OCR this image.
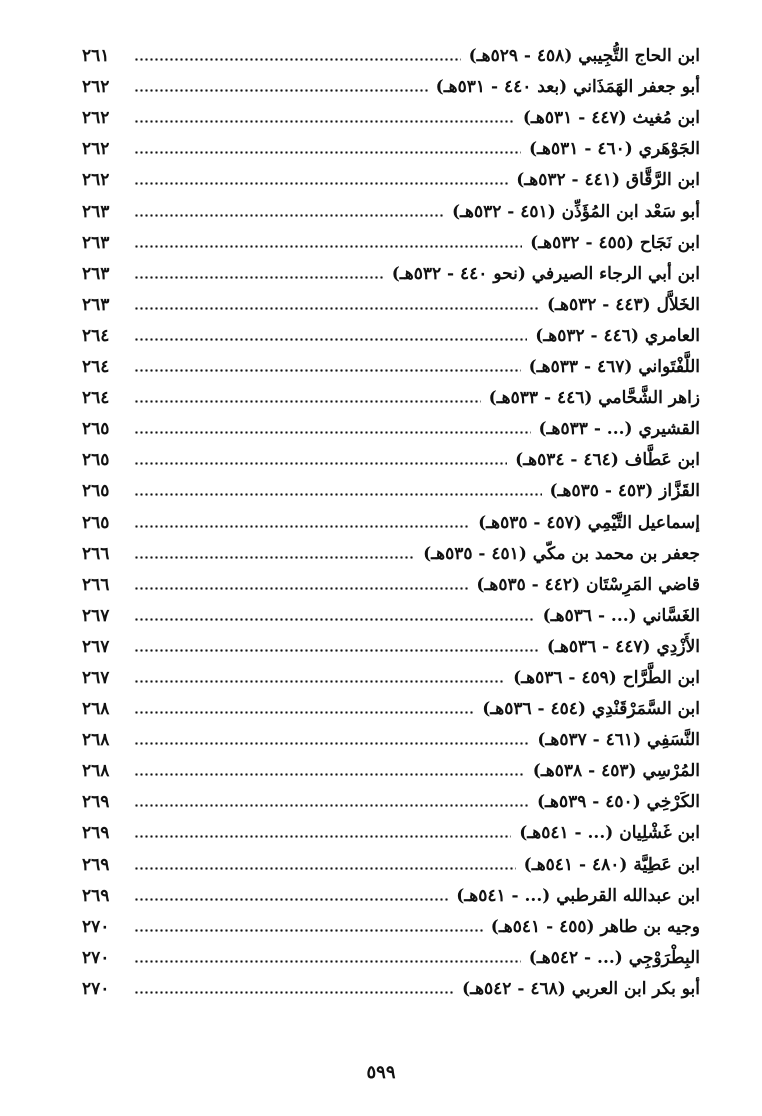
ابن الحاج التُّجِيبي (٤٥٨ - ٥٢٩هـ)
٢٦١
أبو جعفر الهَمَذَاني (بعد ٤٤٠ - ٥٣١هـ)
٢٦٢
ابن مُغيث (٤٤٧ - ٥٣١هـ)
٢٦٢
الجَوْهَري (٤٦٠ - ٥٣١هـ)
٢٦٢
ابن الرَّقَّاق (٤٤١ - ٥٣٢هـ)
٢٦٢
أبو سَعْد ابن المُؤَذِّن (٤٥١ - ٥٣٢هـ)
٢٦٣
ابن نَجَاح (٤٥٥ - ٥٣٢هـ)
٢٦٣
ابن أبي الرجاء الصيرفي (نحو ٤٤٠ - ٥٣٢هـ)
٢٦٣
الخَلاَّل (٤٤٣ - ٥٣٢هـ)
٢٦٣
العامري (٤٤٦ - ٥٣٢هـ)
٢٦٤
اللَّفْتَواني (٤٦٧ - ٥٣٣هـ)
٢٦٤
زاهر الشَّحَّامي (٤٤٦ - ٥٣٣هـ)
٢٦٤
القشيري (... - ٥٣٣هـ)
٢٦٥
ابن عَطَّاف (٤٦٤ - ٥٣٤هـ)
٢٦٥
القَزَّاز (٤٥٣ - ٥٣٥هـ)
٢٦٥
إسماعيل التَّيْمِي (٤٥٧ - ٥٣٥هـ)
٢٦٥
جعفر بن محمد بن مكّي (٤٥١ - ٥٣٥هـ)
٢٦٦
قاضي المَرِسْتَان (٤٤٢ - ٥٣٥هـ)
٢٦٦
الغَسَّاني (... - ٥٣٦هـ)
٢٦٧
الأَزْدِي (٤٤٧ - ٥٣٦هـ)
٢٦٧
ابن الطَّرَّاح (٤٥٩ - ٥٣٦هـ)
٢٦٧
ابن السَّمَرْقَنْدِي (٤٥٤ - ٥٣٦هـ)
٢٦٨
النَّسَفِي (٤٦١ - ٥٣٧هـ)
٢٦٨
المُرْسِي (٤٥٣ - ٥٣٨هـ)
٢٦٨
الكَرْخِي (٤٥٠ - ٥٣٩هـ)
٢٦٩
ابن غَشْلِيان (... - ٥٤١هـ)
٢٦٩
ابن عَطِيَّة (٤٨٠ - ٥٤١هـ)
٢٦٩
ابن عبدالله القرطبي (... - ٥٤١هـ)
٢٦٩
وجيه بن طاهر (٤٥٥ - ٥٤١هـ)
٢٧٠
البِطْرَوْجِي (... - ٥٤٢هـ)
٢٧٠
أبو بكر ابن العربي (٤٦٨ - ٥٤٢هـ)
٢٧٠
٥٩٩
